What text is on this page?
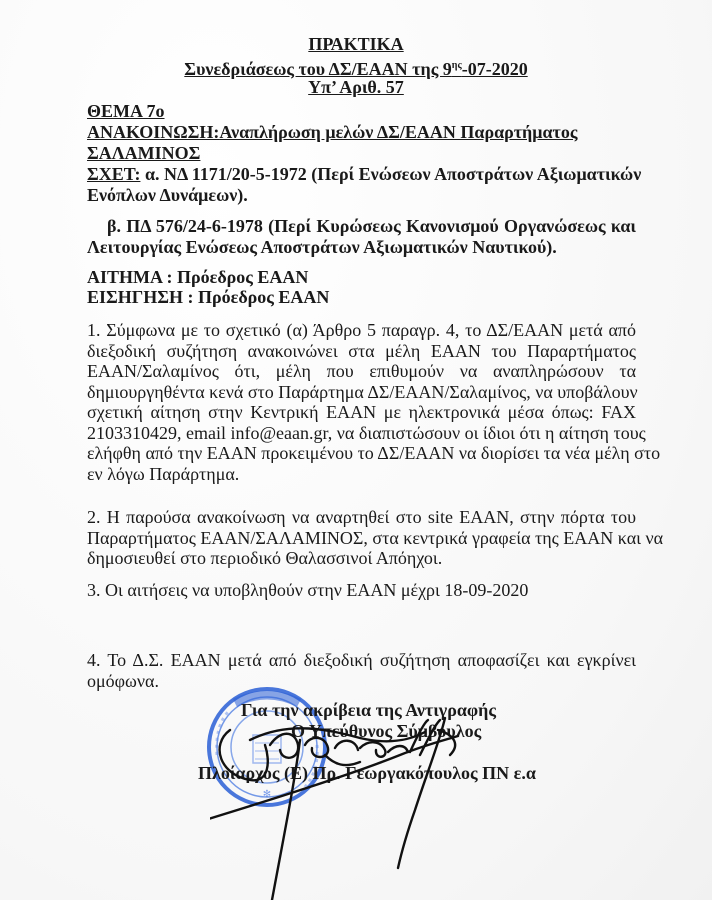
ΠΡΑΚΤΙΚΑ
Συνεδριάσεως του ΔΣ/ΕΑΑΝ της $9^{\eta\varsigma}-07-2020$
Υπ’ Αριθ. 57
ΘΕΜΑ 7ο
ΑΝΑΚΟΙΝΩΣΗ:Αναπλήρωση μελών ΔΣ/ΕΑΑΝ Παραρτήματος
ΣΑΛΑΜΙΝΟΣ
ΣΧΕΤ: α. ΝΔ 1171/20-5-1972 (Περί Ενώσεων Αποστράτων Αξιωματικών
Ενόπλων Δυνάμεων).
β. ΠΔ 576/24-6-1978 (Περί Κυρώσεως Κανονισμού Οργανώσεως και
Λειτουργίας Ενώσεως Αποστράτων Αξιωματικών Ναυτικού).
ΑΙΤΗΜΑ : Πρόεδρος ΕΑΑΝ
ΕΙΣΗΓΗΣΗ : Πρόεδρος ΕΑΑΝ
1. Σύμφωνα με το σχετικό (α) Άρθρο 5 παραγρ. 4, το ΔΣ/ΕΑΑΝ μετά από
διεξοδική συζήτηση ανακοινώνει στα μέλη ΕΑΑΝ του Παραρτήματος
ΕΑΑΝ/Σαλαμίνος ότι, μέλη που επιθυμούν να αναπληρώσουν τα
δημιουργηθέντα κενά στο Παράρτημα ΔΣ/ΕΑΑΝ/Σαλαμίνος, να υποβάλουν
σχετική αίτηση στην Κεντρική ΕΑΑΝ με ηλεκτρονικά μέσα όπως: FAX
2103310429, email info@eaan.gr, να διαπιστώσουν οι ίδιοι ότι η αίτηση τους
ελήφθη από την ΕΑΑΝ προκειμένου το ΔΣ/ΕΑΑΝ να διορίσει τα νέα μέλη στο
εν λόγω Παράρτημα.
2. Η παρούσα ανακοίνωση να αναρτηθεί στο site ΕΑΑΝ, στην πόρτα του
Παραρτήματος ΕΑΑΝ/ΣΑΛΑΜΙΝΟΣ, στα κεντρικά γραφεία της ΕΑΑΝ και να
δημοσιευθεί στο περιοδικό Θαλασσινοί Απόηχοι.
3. Οι αιτήσεις να υποβληθούν στην ΕΑΑΝ μέχρι 18-09-2020
4. Το Δ.Σ. ΕΑΑΝ μετά από διεξοδική συζήτηση αποφασίζει και εγκρίνει
ομόφωνα.
✻
Για την ακρίβεια της Αντιγραφής
Ο Υπεύθυνος Σύμβουλος
Πλοίαρχος (Ε) Πρ. Γεωργακόπουλος ΠΝ ε.α
